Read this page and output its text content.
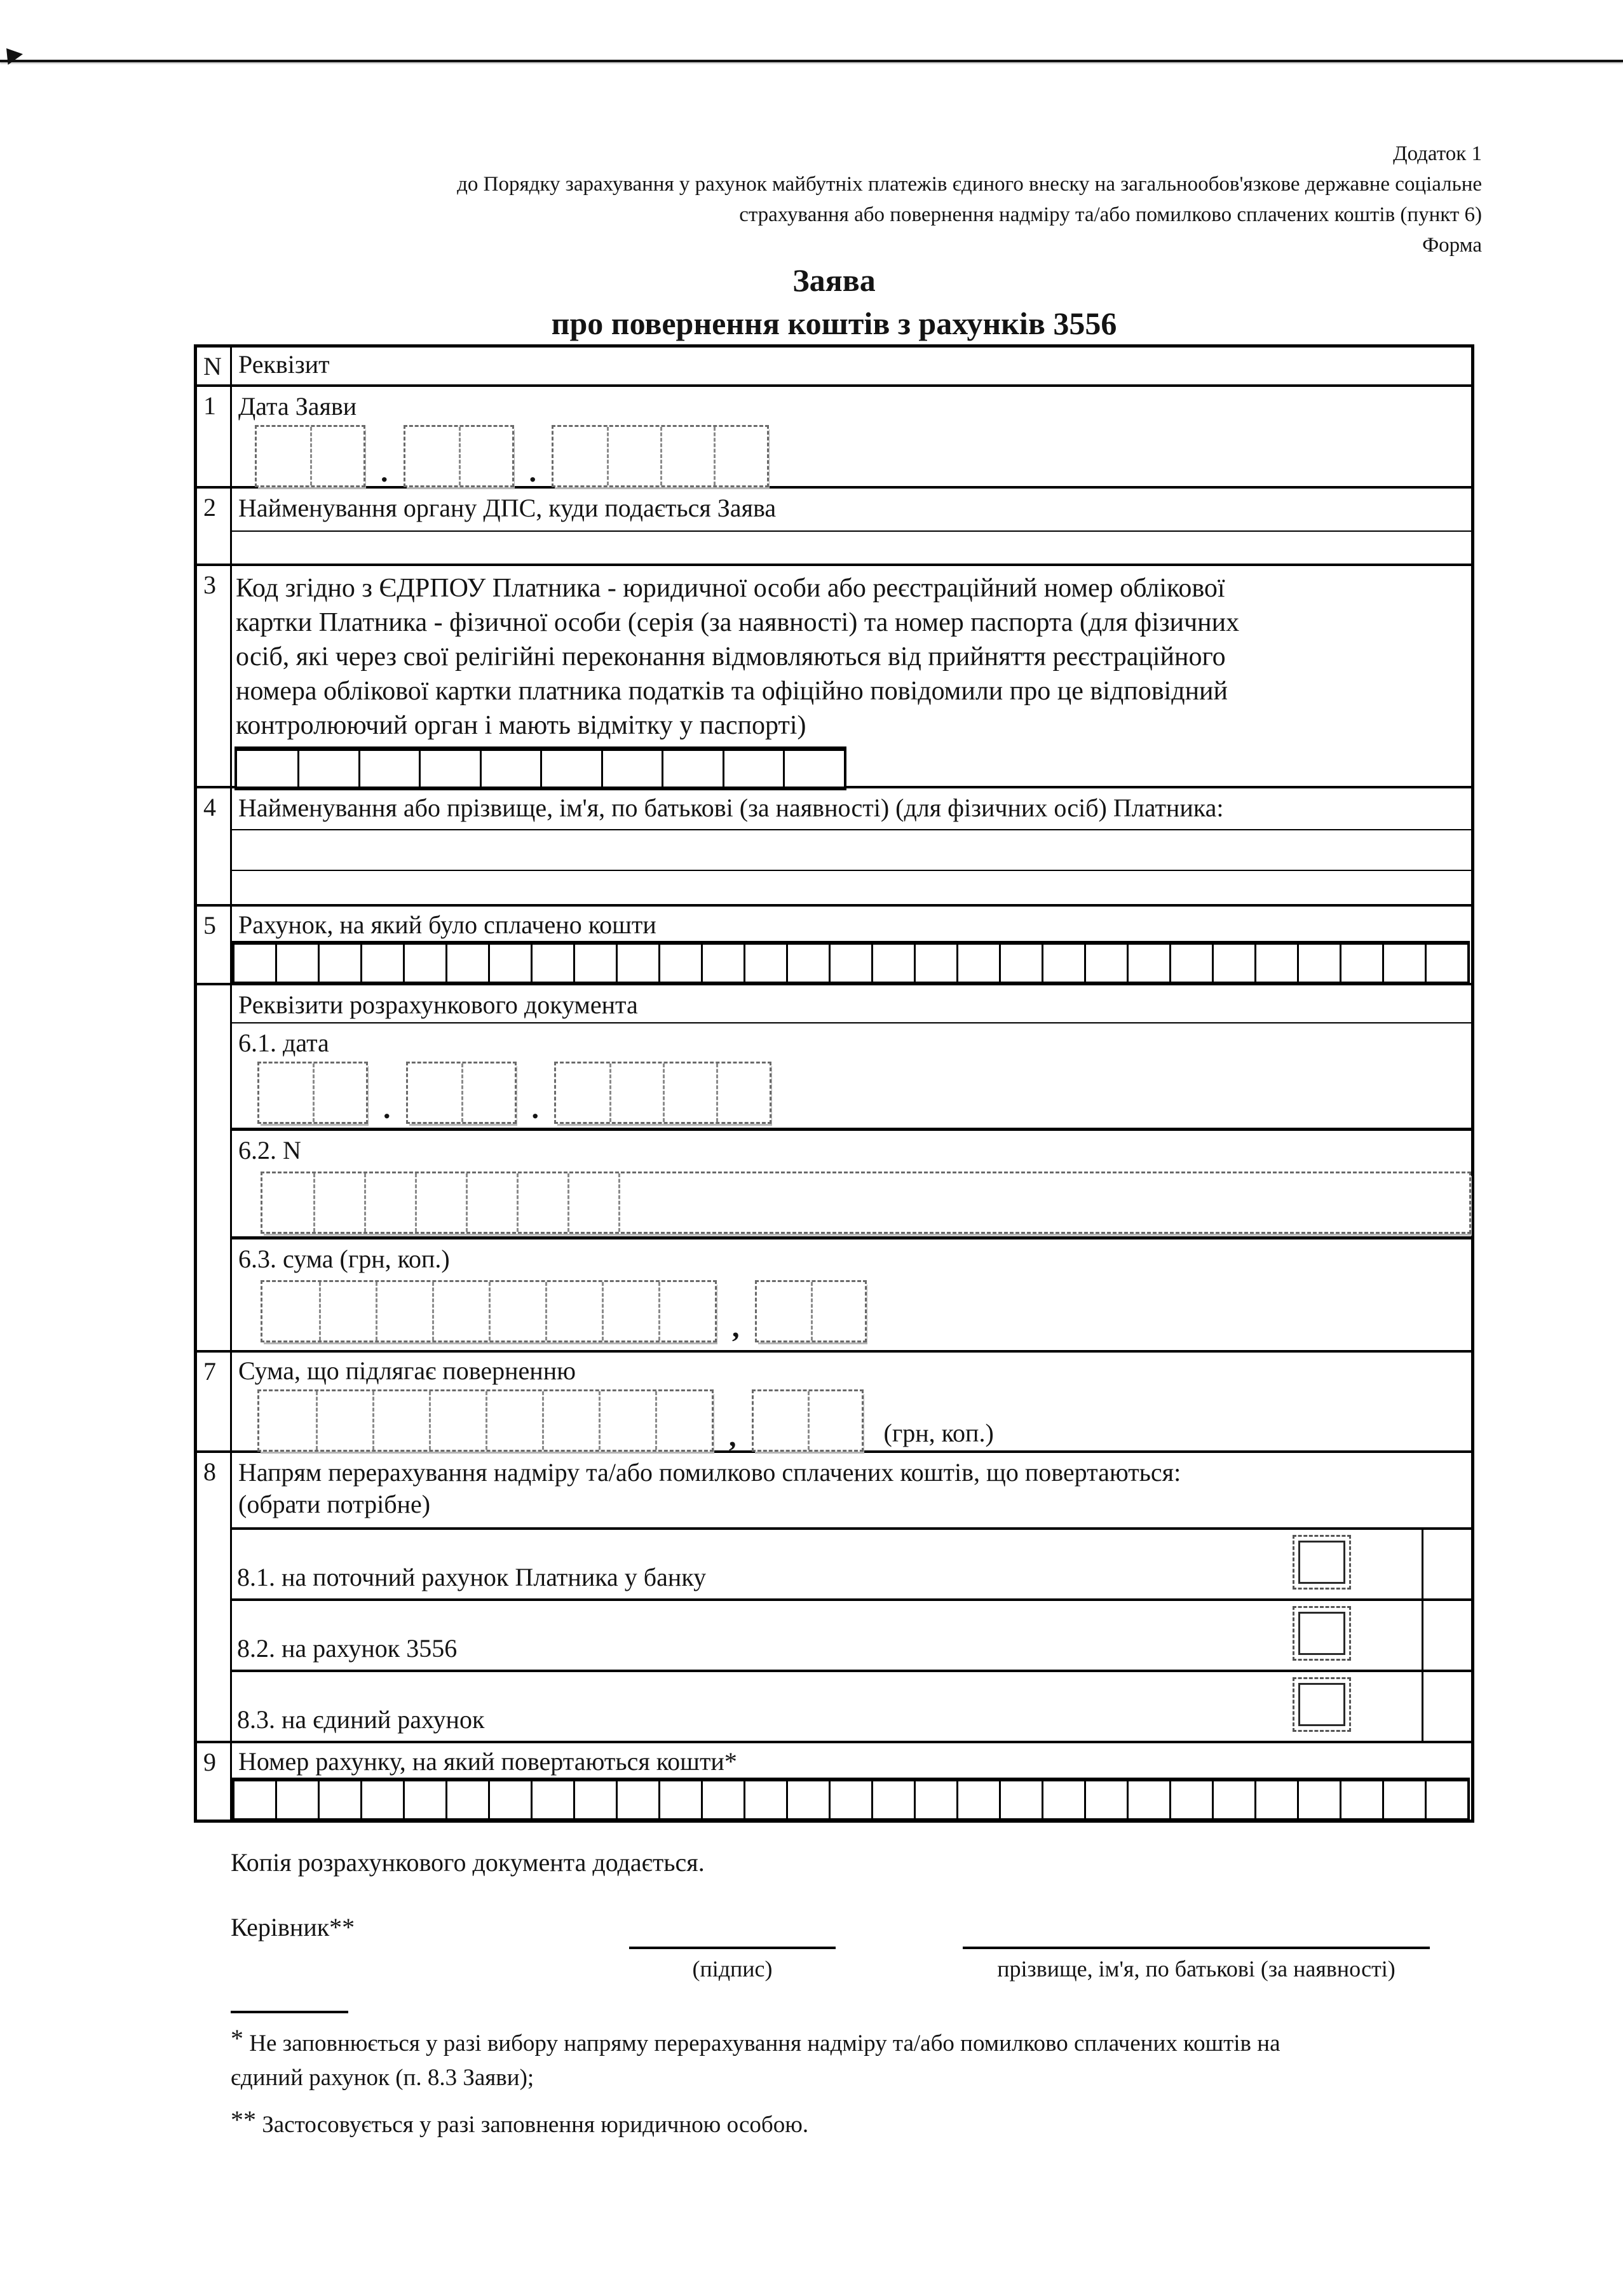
Додаток 1
до Порядку зарахування у рахунок майбутніх платежів єдиного внеску на загальнообов'язкове державне соціальне
страхування або повернення надміру та/або помилково сплачених коштів (пункт 6)
Форма
Заява
про повернення коштів з рахунків 3556
N Реквізит
1 Дата Заяви
.	.
2 Найменування органу ДПС, куди подається Заява
3 Код згідно з ЄДРПОУ Платника - юридичної особи або реєстраційний номер облікової
картки Платника - фізичної особи (серія (за наявності) та номер паспорта (для фізичних
осіб, які через свої релігійні переконання відмовляються від прийняття реєстраційного
номера облікової картки платника податків та офіційно повідомили про це відповідний
контролюючий орган і мають відмітку у паспорті)
4 Найменування або прізвище, ім'я, по батькові (за наявності) (для фізичних осіб) Платника:
5 Рахунок, на який було сплачено кошти
Реквізити розрахункового документа
6.1. дата
.	.
6.2. N
6.3. сума (грн, коп.)
,
7 Сума, що підлягає поверненню
,	(грн, коп.)
8 Напрям перерахування надміру та/або помилково сплачених коштів, що повертаються:
(обрати потрібне)
8.1. на поточний рахунок Платника у банку
8.2. на рахунок 3556
8.3. на єдиний рахунок
9 Номер рахунку, на який повертаються кошти*
Копія розрахункового документа додається.
Керівник**
(підпис)	прізвище, ім'я, по батькові (за наявності)
* Не заповнюється у разі вибору напряму перерахування надміру та/або помилково сплачених коштів на
єдиний рахунок (п. 8.3 Заяви);
** Застосовується у разі заповнення юридичною особою.
